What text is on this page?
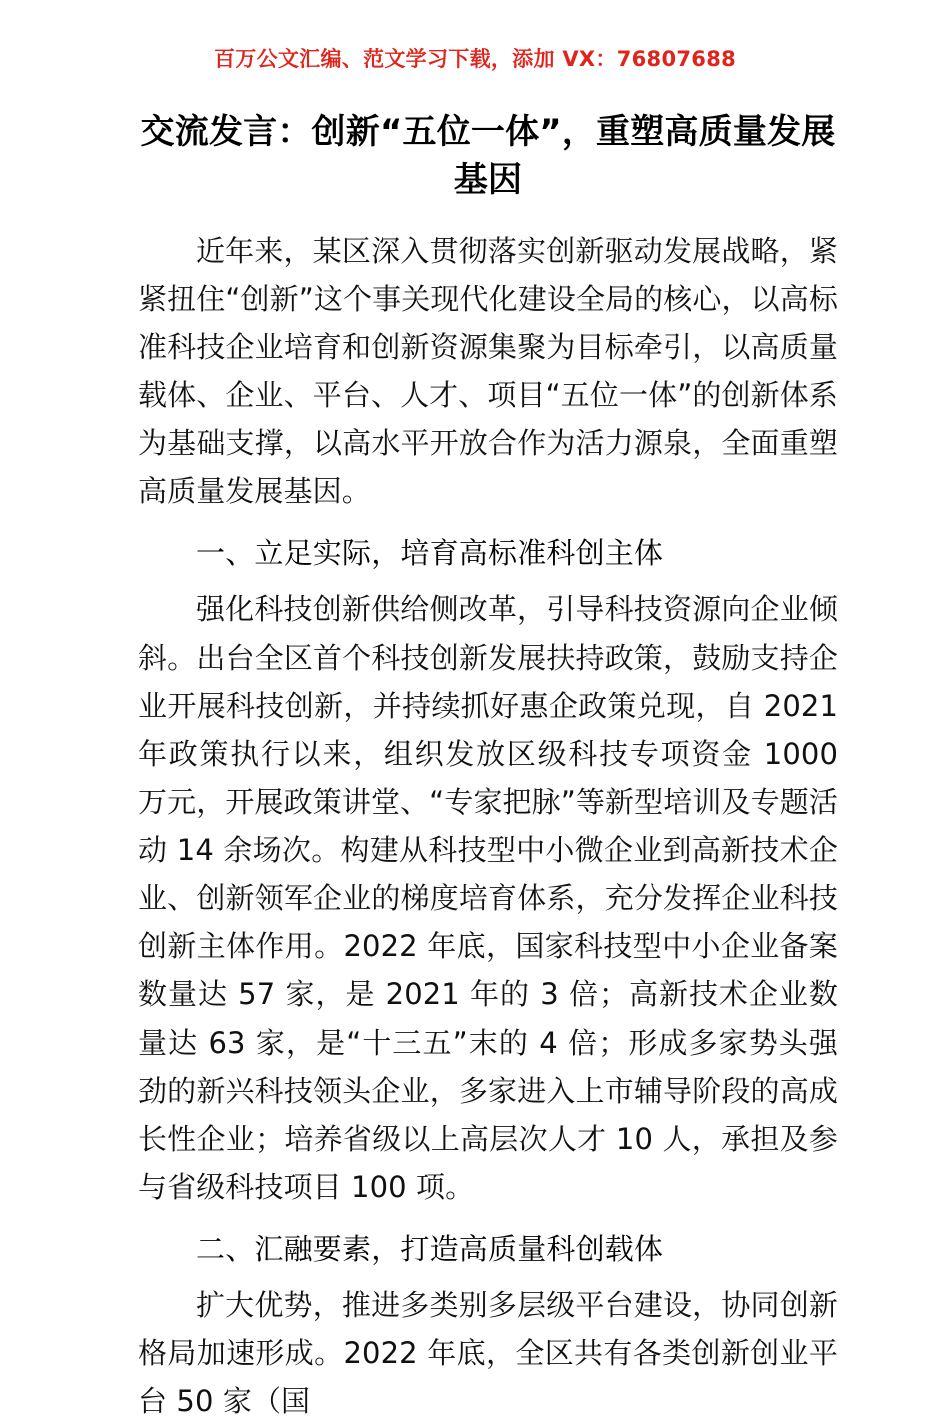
百万公文汇编、范文学习下载，添加 VX：76807688
交流发言：创新“五位一体”，重塑高质量发展基因

近年来，某区深入贯彻落实创新驱动发展战略，紧紧扭住“创新”这个事关现代化建设全局的核心，以高标准科技企业培育和创新资源集聚为目标牵引，以高质量载体、企业、平台、人才、项目“五位一体”的创新体系为基础支撑，以高水平开放合作为活力源泉，全面重塑高质量发展基因。

一、立足实际，培育高标准科创主体

强化科技创新供给侧改革，引导科技资源向企业倾斜。出台全区首个科技创新发展扶持政策，鼓励支持企业开展科技创新，并持续抓好惠企政策兑现，自 2021 年政策执行以来，组织发放区级科技专项资金 1000 万元，开展政策讲堂、“专家把脉”等新型培训及专题活动 14 余场次。构建从科技型中小微企业到高新技术企业、创新领军企业的梯度培育体系，充分发挥企业科技创新主体作用。2022 年底，国家科技型中小企业备案数量达 57 家，是 2021 年的 3 倍；高新技术企业数量达 63 家，是“十三五”末的 4 倍；形成多家势头强劲的新兴科技领头企业，多家进入上市辅导阶段的高成长性企业；培养省级以上高层次人才 10 人，承担及参与省级科技项目 100 项。

二、汇融要素，打造高质量科创载体

扩大优势，推进多类别多层级平台建设，协同创新格局加速形成。2022 年底，全区共有各类创新创业平台 50 家（国
